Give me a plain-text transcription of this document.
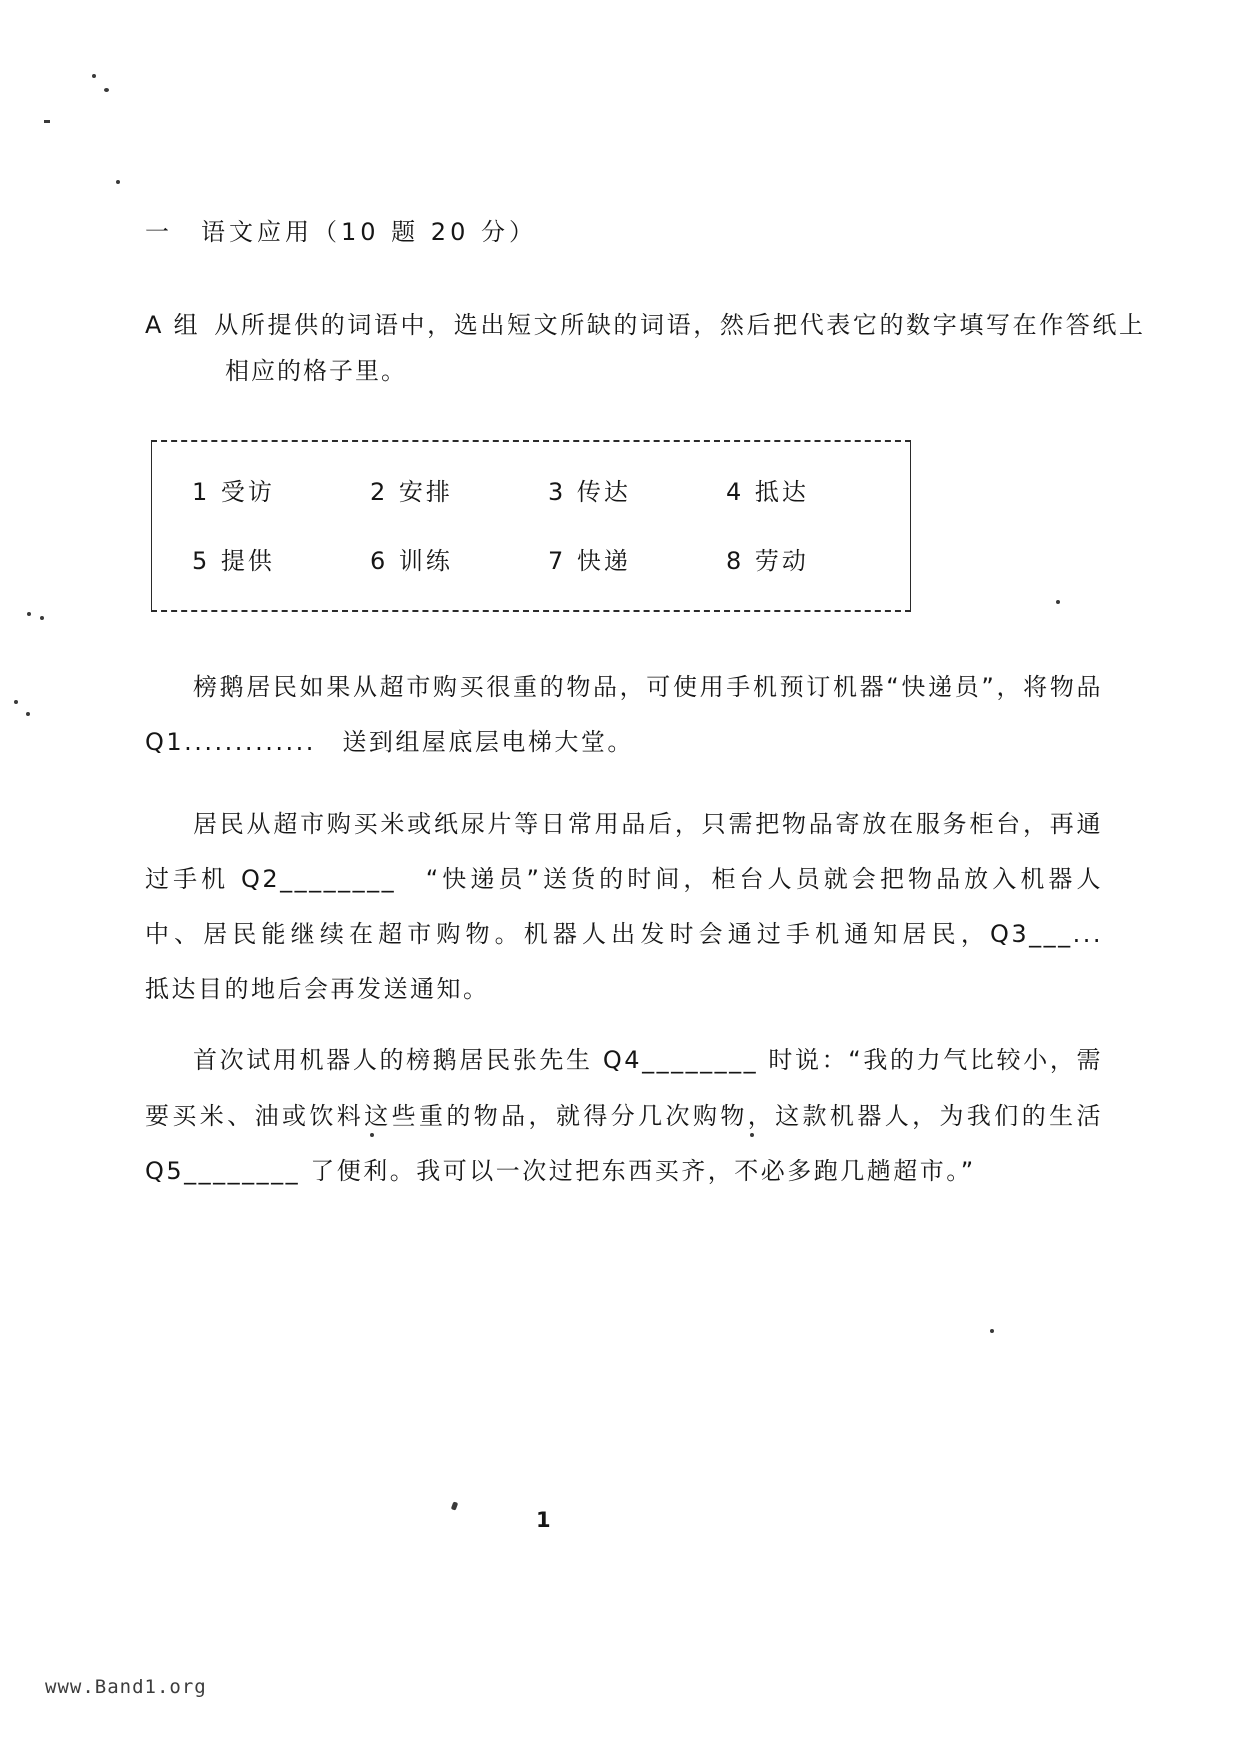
一　语文应用（10 题 20 分）
A 组 从所提供的词语中，选出短文所缺的词语，然后把代表它的数字填写在作答纸上相应的格子里。
1 受访	2 安排	3 传达	4 抵达
5 提供	6 训练	7 快递	8 劳动

榜鹅居民如果从超市购买很重的物品，可使用手机预订机器“快递员”，将物品 Q1.............　送到组屋底层电梯大堂。

居民从超市购买米或纸尿片等日常用品后，只需把物品寄放在服务柜台，再通过手机 Q2________　“快递员”送货的时间，柜台人员就会把物品放入机器人中、居民能继续在超市购物。机器人出发时会通过手机通知居民，Q3___...　　抵达目的地后会再发送通知。

首次试用机器人的榜鹅居民张先生 Q4________ 时说：“我的力气比较小，需要买米、油或饮料这些重的物品，就得分几次购物，这款机器人，为我们的生活 Q5________ 了便利。我可以一次过把东西买齐，不必多跑几趟超市。”

1
www.Band1.org
